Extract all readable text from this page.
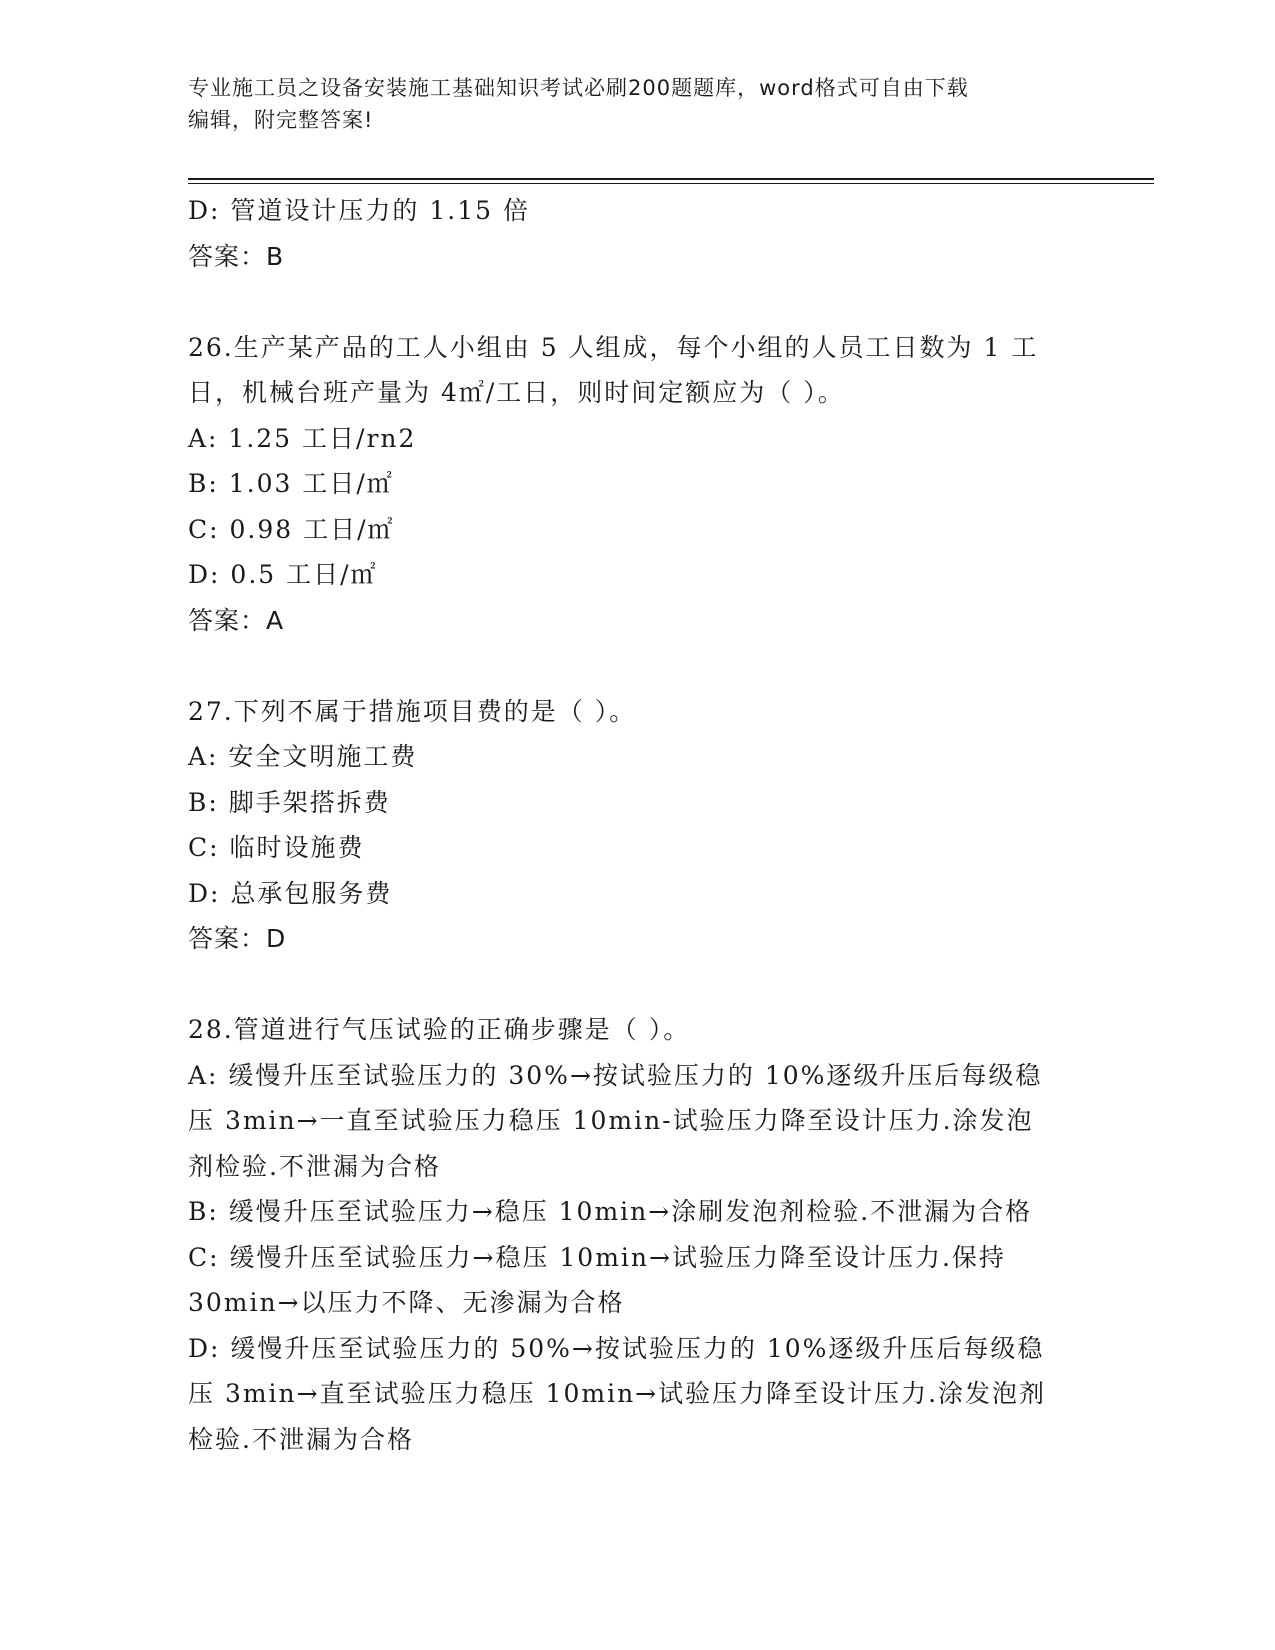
专业施工员之设备安装施工基础知识考试必刷200题题库，word格式可自由下载
编辑，附完整答案!
D: 管道设计压力的 1.15 倍
答案：B
26.生产某产品的工人小组由 5 人组成，每个小组的人员工日数为 1 工
日，机械台班产量为 4㎡/工日，则时间定额应为（ ）。
A: 1.25 工日/rn2
B: 1.03 工日/㎡
C: 0.98 工日/㎡
D: 0.5 工日/㎡
答案：A
27.下列不属于措施项目费的是（ ）。
A: 安全文明施工费
B: 脚手架搭拆费
C: 临时设施费
D: 总承包服务费
答案：D
28.管道进行气压试验的正确步骤是（ ）。
A: 缓慢升压至试验压力的 30%→按试验压力的 10%逐级升压后每级稳
压 3min→一直至试验压力稳压 10min-试验压力降至设计压力.涂发泡
剂检验.不泄漏为合格
B: 缓慢升压至试验压力→稳压 10min→涂刷发泡剂检验.不泄漏为合格
C: 缓慢升压至试验压力→稳压 10min→试验压力降至设计压力.保持
30min→以压力不降、无渗漏为合格
D: 缓慢升压至试验压力的 50%→按试验压力的 10%逐级升压后每级稳
压 3min→直至试验压力稳压 10min→试验压力降至设计压力.涂发泡剂
检验.不泄漏为合格
